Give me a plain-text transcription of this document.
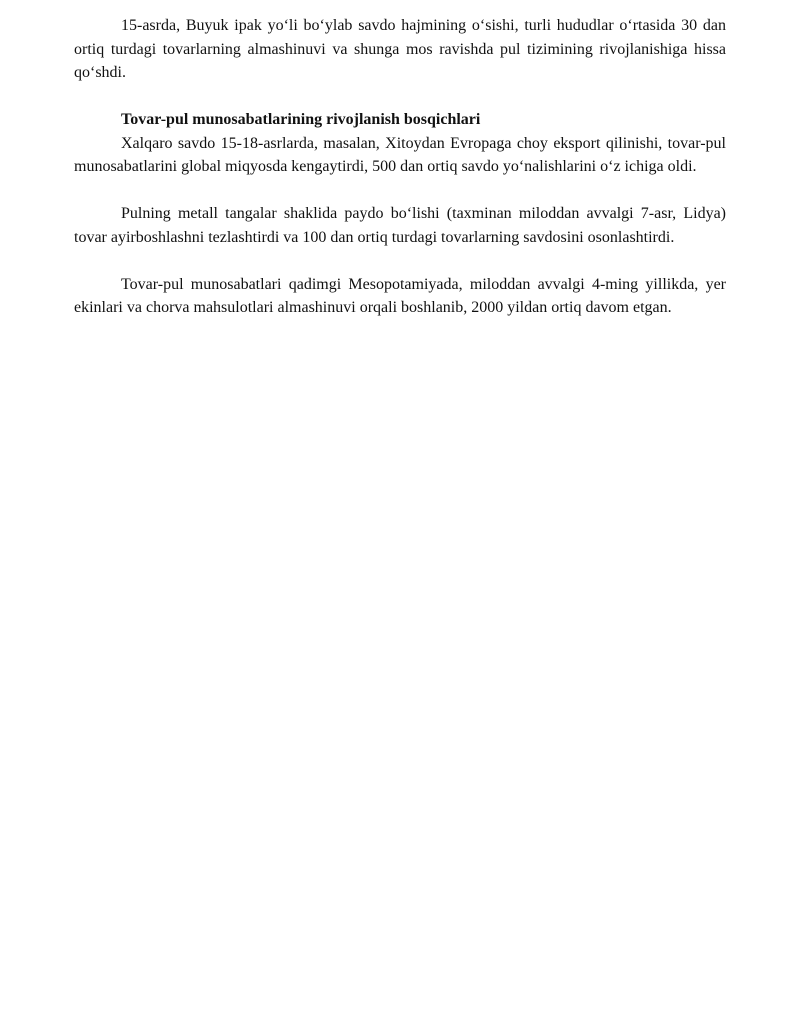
15-asrda, Buyuk ipak yo‘li bo‘ylab savdo hajmining o‘sishi, turli hududlar o‘rtasida 30 dan ortiq turdagi tovarlarning almashinuvi va shunga mos ravishda pul tizimining rivojlanishiga hissa qo‘shdi.

Tovar-pul munosabatlarining rivojlanish bosqichlari

Xalqaro savdo 15-18-asrlarda, masalan, Xitoydan Evropaga choy eksport qilinishi, tovar-pul munosabatlarini global miqyosda kengaytirdi, 500 dan ortiq savdo yo‘nalishlarini o‘z ichiga oldi.

Pulning metall tangalar shaklida paydo bo‘lishi (taxminan miloddan avvalgi 7-asr, Lidya) tovar ayirboshlashni tezlashtirdi va 100 dan ortiq turdagi tovarlarning savdosini osonlashtirdi.

Tovar-pul munosabatlari qadimgi Mesopotamiyada, miloddan avvalgi 4-ming yillikda, yer ekinlari va chorva mahsulotlari almashinuvi orqali boshlanib, 2000 yildan ortiq davom etgan.
